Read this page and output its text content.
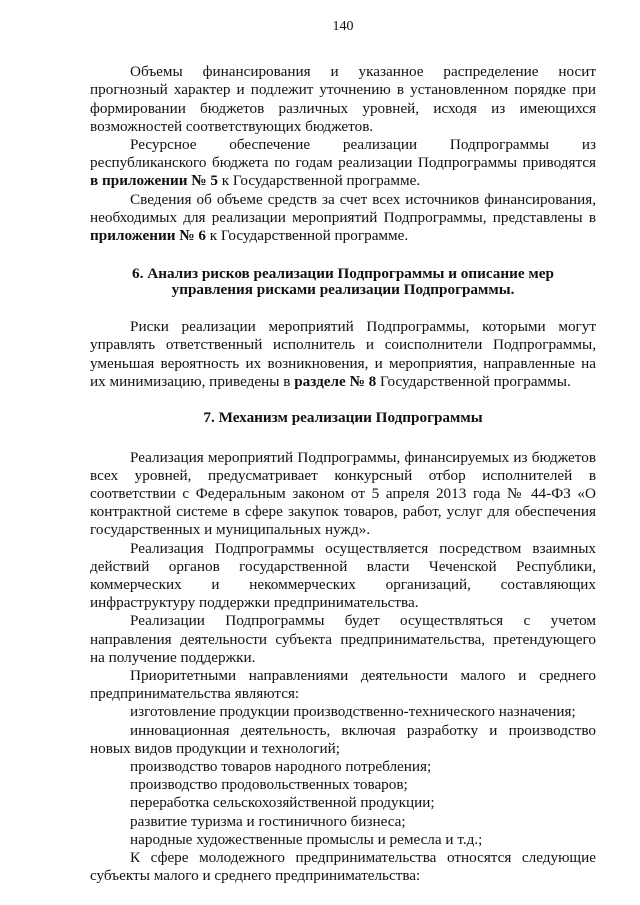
140

Объемы финансирования и указанное распределение носит прогнозный характер и подлежит уточнению в установленном порядке при формировании бюджетов различных уровней, исходя из имеющихся возможностей соответствующих бюджетов.

Ресурсное обеспечение реализации Подпрограммы из республиканского бюджета по годам реализации Подпрограммы приводятся в приложении № 5 к Государственной программе.

Сведения об объеме средств за счет всех источников финансирования, необходимых для реализации мероприятий Подпрограммы, представлены в приложении № 6 к Государственной программе.

6. Анализ рисков реализации Подпрограммы и описание мер
управления рисками реализации Подпрограммы.

Риски реализации мероприятий Подпрограммы, которыми могут управлять ответственный исполнитель и соисполнители Подпрограммы, уменьшая вероятность их возникновения, и мероприятия, направленные на их минимизацию, приведены в разделе № 8 Государственной программы.

7. Механизм реализации Подпрограммы

Реализация мероприятий Подпрограммы, финансируемых из бюджетов всех уровней, предусматривает конкурсный отбор исполнителей в соответствии с Федеральным законом от 5 апреля 2013 года № 44-ФЗ «О контрактной системе в сфере закупок товаров, работ, услуг для обеспечения государственных и муниципальных нужд».

Реализация Подпрограммы осуществляется посредством взаимных действий органов государственной власти Чеченской Республики, коммерческих и некоммерческих организаций, составляющих инфраструктуру поддержки предпринимательства.

Реализации Подпрограммы будет осуществляться с учетом направления деятельности субъекта предпринимательства, претендующего на получение поддержки.

Приоритетными направлениями деятельности малого и среднего предпринимательства являются:

изготовление продукции производственно-технического назначения;

инновационная деятельность, включая разработку и производство новых видов продукции и технологий;

производство товаров народного потребления;

производство продовольственных товаров;

переработка сельскохозяйственной продукции;

развитие туризма и гостиничного бизнеса;

народные художественные промыслы и ремесла и т.д.;

К сфере молодежного предпринимательства относятся следующие субъекты малого и среднего предпринимательства:
